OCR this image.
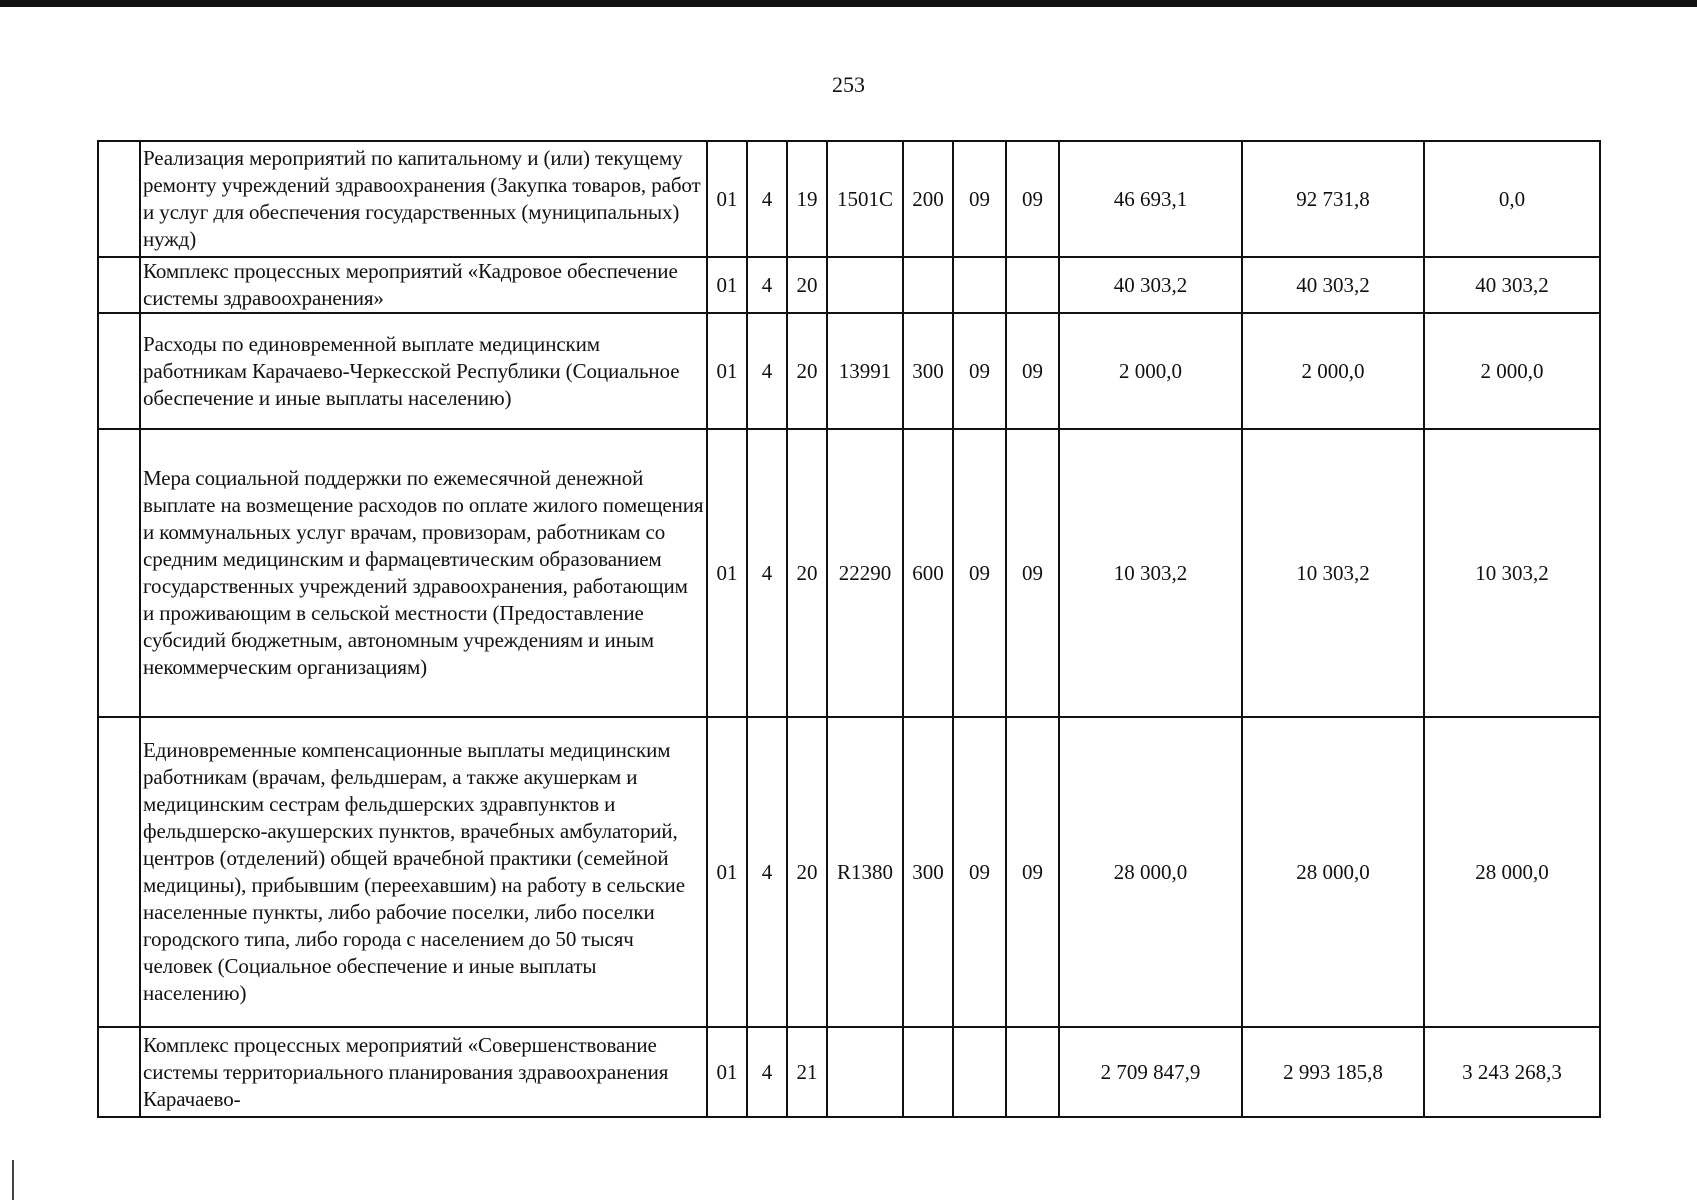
253
	Реализация мероприятий по капитальному и (или) текущему ремонту учреждений здравоохранения (Закупка товаров, работ и услуг для обеспечения государственных (муниципальных) нужд)	01	4	19	1501C	200	09	09	46 693,1	92 731,8	0,0
	Комплекс процессных мероприятий «Кадровое обеспечение системы здравоохранения»	01	4	20					40 303,2	40 303,2	40 303,2
	Расходы по единовременной выплате медицинским работникам Карачаево-Черкесской Республики (Социальное обеспечение и иные выплаты населению)	01	4	20	13991	300	09	09	2 000,0	2 000,0	2 000,0
	Мера социальной поддержки по ежемесячной денежной выплате на возмещение расходов по оплате жилого помещения и коммунальных услуг врачам, провизорам, работникам со средним медицинским и фармацевтическим образованием государственных учреждений здравоохранения, работающим и проживающим в сельской местности (Предоставление субсидий бюджетным, автономным учреждениям и иным некоммерческим организациям)	01	4	20	22290	600	09	09	10 303,2	10 303,2	10 303,2
	Единовременные компенсационные выплаты медицинским работникам (врачам, фельдшерам, а также акушеркам и медицинским сестрам фельдшерских здравпунктов и фельдшерско-акушерских пунктов, врачебных амбулаторий, центров (отделений) общей врачебной практики (семейной медицины), прибывшим (переехавшим) на работу в сельские населенные пункты, либо рабочие поселки, либо поселки городского типа, либо города с населением до 50 тысяч человек (Социальное обеспечение и иные выплаты населению)	01	4	20	R1380	300	09	09	28 000,0	28 000,0	28 000,0
	Комплекс процессных мероприятий «Совершенствование системы территориального планирования здравоохранения Карачаево-	01	4	21					2 709 847,9	2 993 185,8	3 243 268,3
